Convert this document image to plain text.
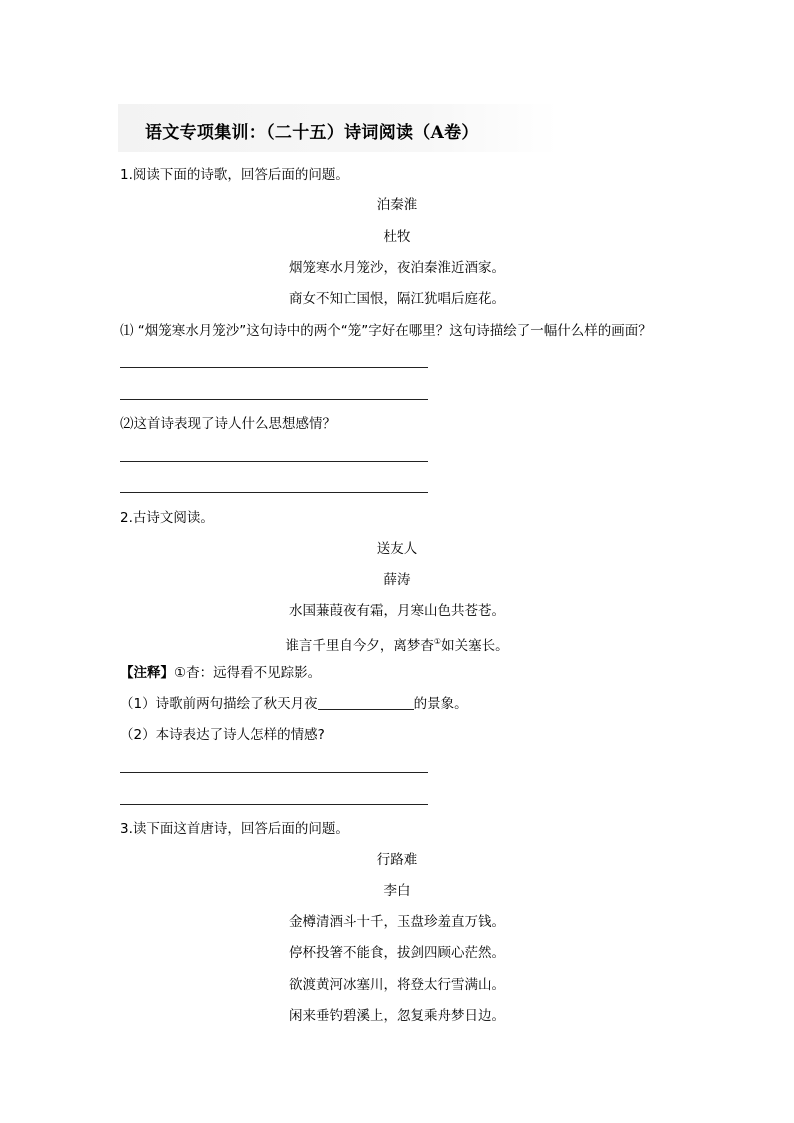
语文专项集训：（二十五）诗词阅读（A卷）
1.阅读下面的诗歌，回答后面的问题。
泊秦淮
杜牧
烟笼寒水月笼沙，夜泊秦淮近酒家。
商女不知亡国恨，隔江犹唱后庭花。
⑴ “烟笼寒水月笼沙”这句诗中的两个“笼”字好在哪里？这句诗描绘了一幅什么样的画面？
⑵这首诗表现了诗人什么思想感情？
2.古诗文阅读。
送友人
薛涛
水国蒹葭夜有霜，月寒山色共苍苍。
谁言千里自今夕，离梦杳①如关塞长。
【注释】①杳：远得看不见踪影。
（1）诗歌前两句描绘了秋天月夜	的景象。
（2）本诗表达了诗人怎样的情感?
3.读下面这首唐诗，回答后面的问题。
行路难
李白
金樽清酒斗十千，玉盘珍羞直万钱。
停杯投箸不能食，拔剑四顾心茫然。
欲渡黄河冰塞川，将登太行雪满山。
闲来垂钓碧溪上，忽复乘舟梦日边。
